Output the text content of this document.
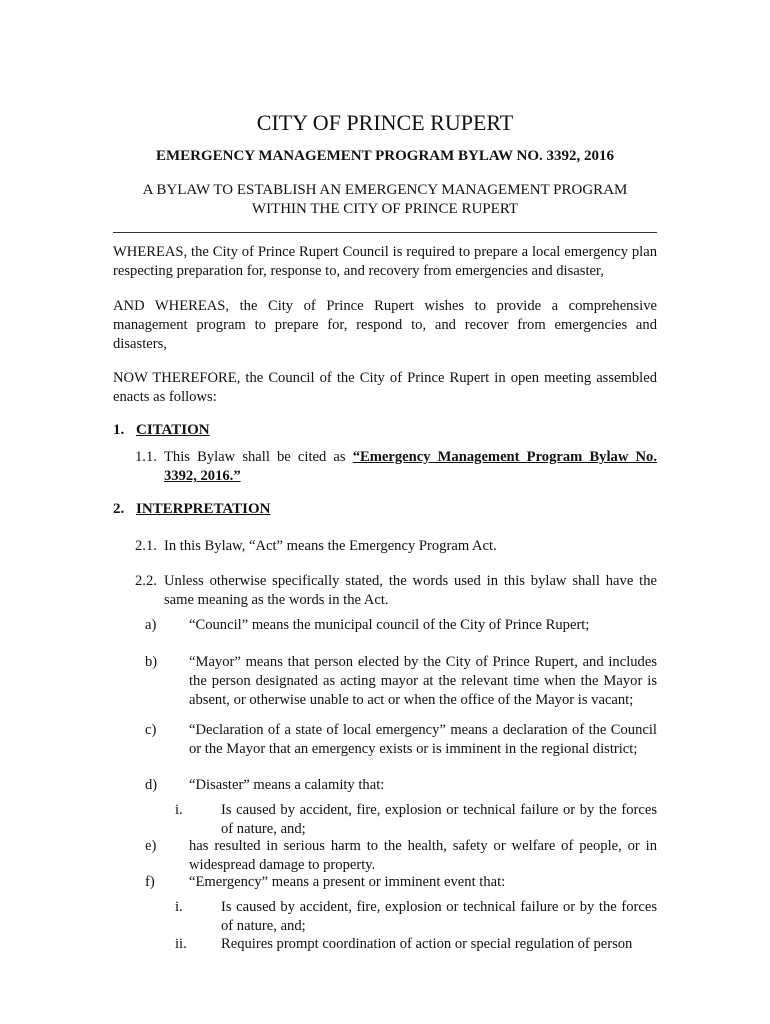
CITY OF PRINCE RUPERT
EMERGENCY MANAGEMENT PROGRAM BYLAW NO. 3392, 2016
A BYLAW TO ESTABLISH AN EMERGENCY MANAGEMENT PROGRAM
WITHIN THE CITY OF PRINCE RUPERT
WHEREAS, the City of Prince Rupert Council is required to prepare a local emergency plan respecting preparation for, response to, and recovery from emergencies and disaster,
AND WHEREAS, the City of Prince Rupert wishes to provide a comprehensive management program to prepare for, respond to, and recover from emergencies and disasters,
NOW THEREFORE, the Council of the City of Prince Rupert in open meeting assembled enacts as follows:
1. CITATION
1.1. This Bylaw shall be cited as “Emergency Management Program Bylaw No. 3392, 2016.”
2. INTERPRETATION
2.1. In this Bylaw, “Act” means the Emergency Program Act.
2.2. Unless otherwise specifically stated, the words used in this bylaw shall have the same meaning as the words in the Act.
a)	“Council” means the municipal council of the City of Prince Rupert;
b)	“Mayor” means that person elected by the City of Prince Rupert, and includes the person designated as acting mayor at the relevant time when the Mayor is absent, or otherwise unable to act or when the office of the Mayor is vacant;
c)	“Declaration of a state of local emergency” means a declaration of the Council or the Mayor that an emergency exists or is imminent in the regional district;
d)	“Disaster” means a calamity that:
i.	Is caused by accident, fire, explosion or technical failure or by the forces of nature, and;
e)	has resulted in serious harm to the health, safety or welfare of people, or in widespread damage to property.
f)	“Emergency” means a present or imminent event that:
i.	Is caused by accident, fire, explosion or technical failure or by the forces of nature, and;
ii.	Requires prompt coordination of action or special regulation of person
